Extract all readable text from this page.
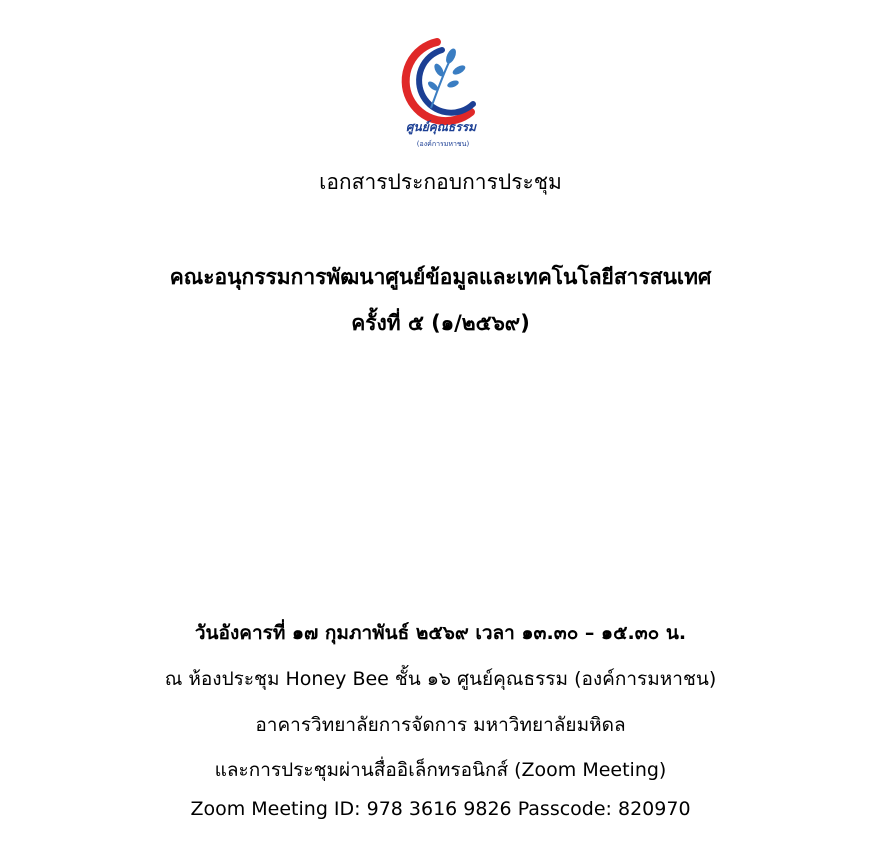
ศูนย์คุณธรรม
(องค์การมหาชน)
เอกสารประกอบการประชุม
คณะอนุกรรมการพัฒนาศูนย์ข้อมูลและเทคโนโลยีสารสนเทศ
ครั้งที่ ๕ (๑/๒๕๖๙)
วันอังคารที่ ๑๗ กุมภาพันธ์ ๒๕๖๙ เวลา ๑๓.๓๐ – ๑๕.๓๐ น.
ณ ห้องประชุม Honey Bee ชั้น ๑๖ ศูนย์คุณธรรม (องค์การมหาชน)
อาคารวิทยาลัยการจัดการ มหาวิทยาลัยมหิดล
และการประชุมผ่านสื่ออิเล็กทรอนิกส์ (Zoom Meeting)
Zoom Meeting ID: 978 3616 9826 Passcode: 820970
